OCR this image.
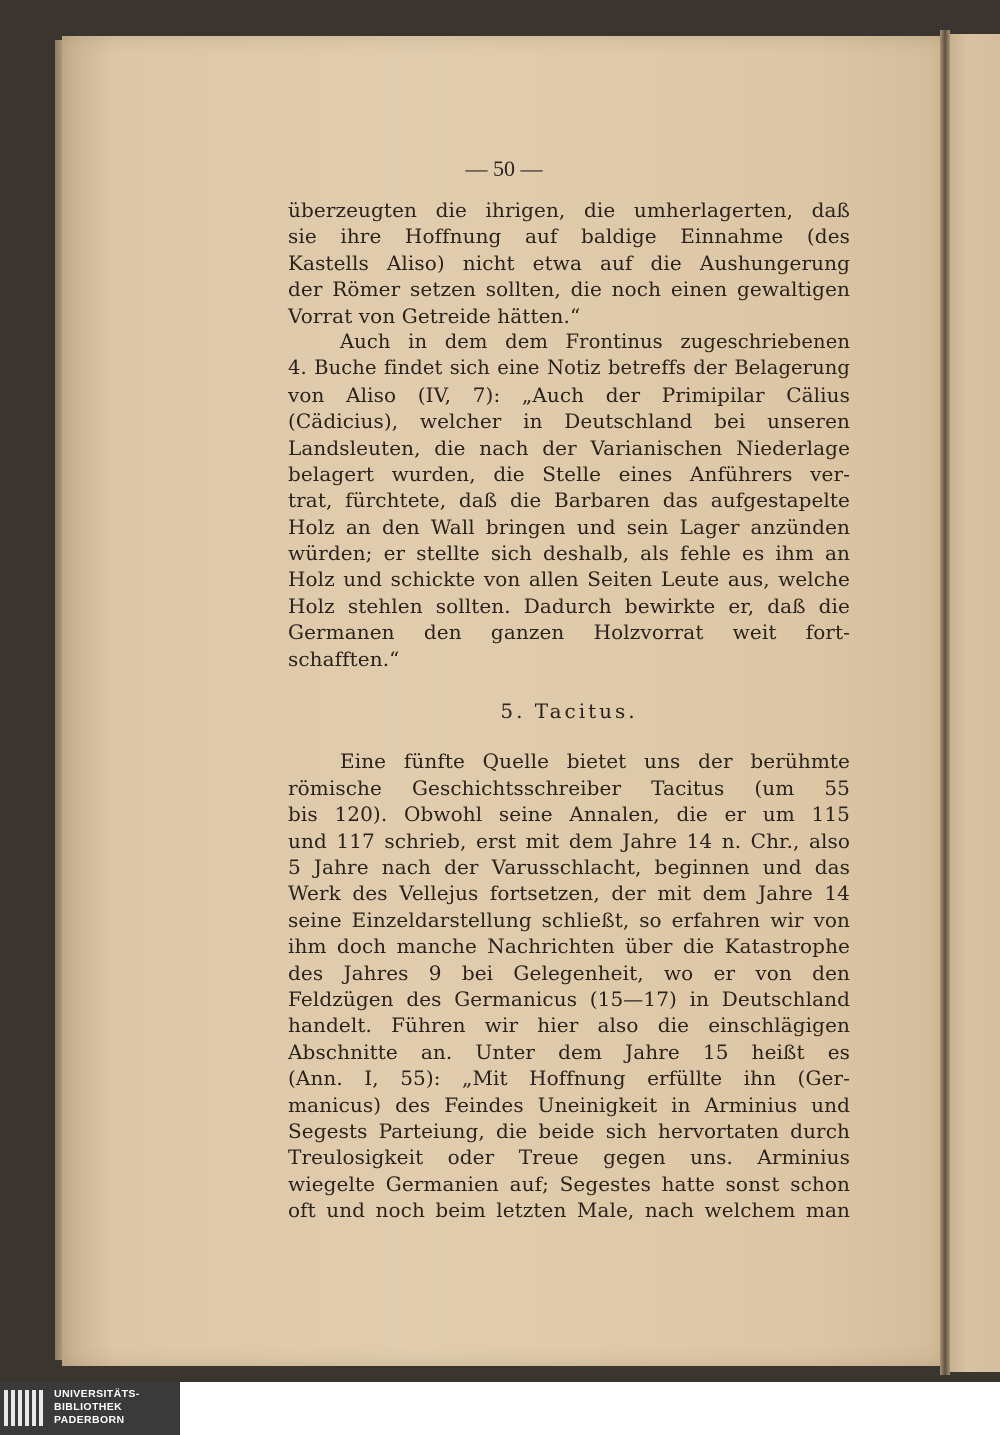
— 50 —
überzeugten die ihrigen, die umherlagerten, daß
sie ihre Hoffnung auf baldige Einnahme (des
Kastells Aliso) nicht etwa auf die Aushungerung
der Römer setzen sollten, die noch einen gewaltigen
Vorrat von Getreide hätten.“
Auch in dem dem Frontinus zugeschriebenen
4. Buche findet sich eine Notiz betreffs der Belagerung
von Aliso (IV, 7): „Auch der Primipilar Cälius
(Cädicius), welcher in Deutschland bei unseren
Landsleuten, die nach der Varianischen Niederlage
belagert wurden, die Stelle eines Anführers ver-
trat, fürchtete, daß die Barbaren das aufgestapelte
Holz an den Wall bringen und sein Lager anzünden
würden; er stellte sich deshalb, als fehle es ihm an
Holz und schickte von allen Seiten Leute aus, welche
Holz stehlen sollten. Dadurch bewirkte er, daß die
Germanen den ganzen Holzvorrat weit fort-
schafften.“
5. Tacitus.
Eine fünfte Quelle bietet uns der berühmte
römische Geschichtsschreiber Tacitus (um 55
bis 120). Obwohl seine Annalen, die er um 115
und 117 schrieb, erst mit dem Jahre 14 n. Chr., also
5 Jahre nach der Varusschlacht, beginnen und das
Werk des Vellejus fortsetzen, der mit dem Jahre 14
seine Einzeldarstellung schließt, so erfahren wir von
ihm doch manche Nachrichten über die Katastrophe
des Jahres 9 bei Gelegenheit, wo er von den
Feldzügen des Germanicus (15—17) in Deutschland
handelt. Führen wir hier also die einschlägigen
Abschnitte an. Unter dem Jahre 15 heißt es
(Ann. I, 55): „Mit Hoffnung erfüllte ihn (Ger-
manicus) des Feindes Uneinigkeit in Arminius und
Segests Parteiung, die beide sich hervortaten durch
Treulosigkeit oder Treue gegen uns. Arminius
wiegelte Germanien auf; Segestes hatte sonst schon
oft und noch beim letzten Male, nach welchem man
UNIVERSITÄTS-
BIBLIOTHEK
PADERBORN
